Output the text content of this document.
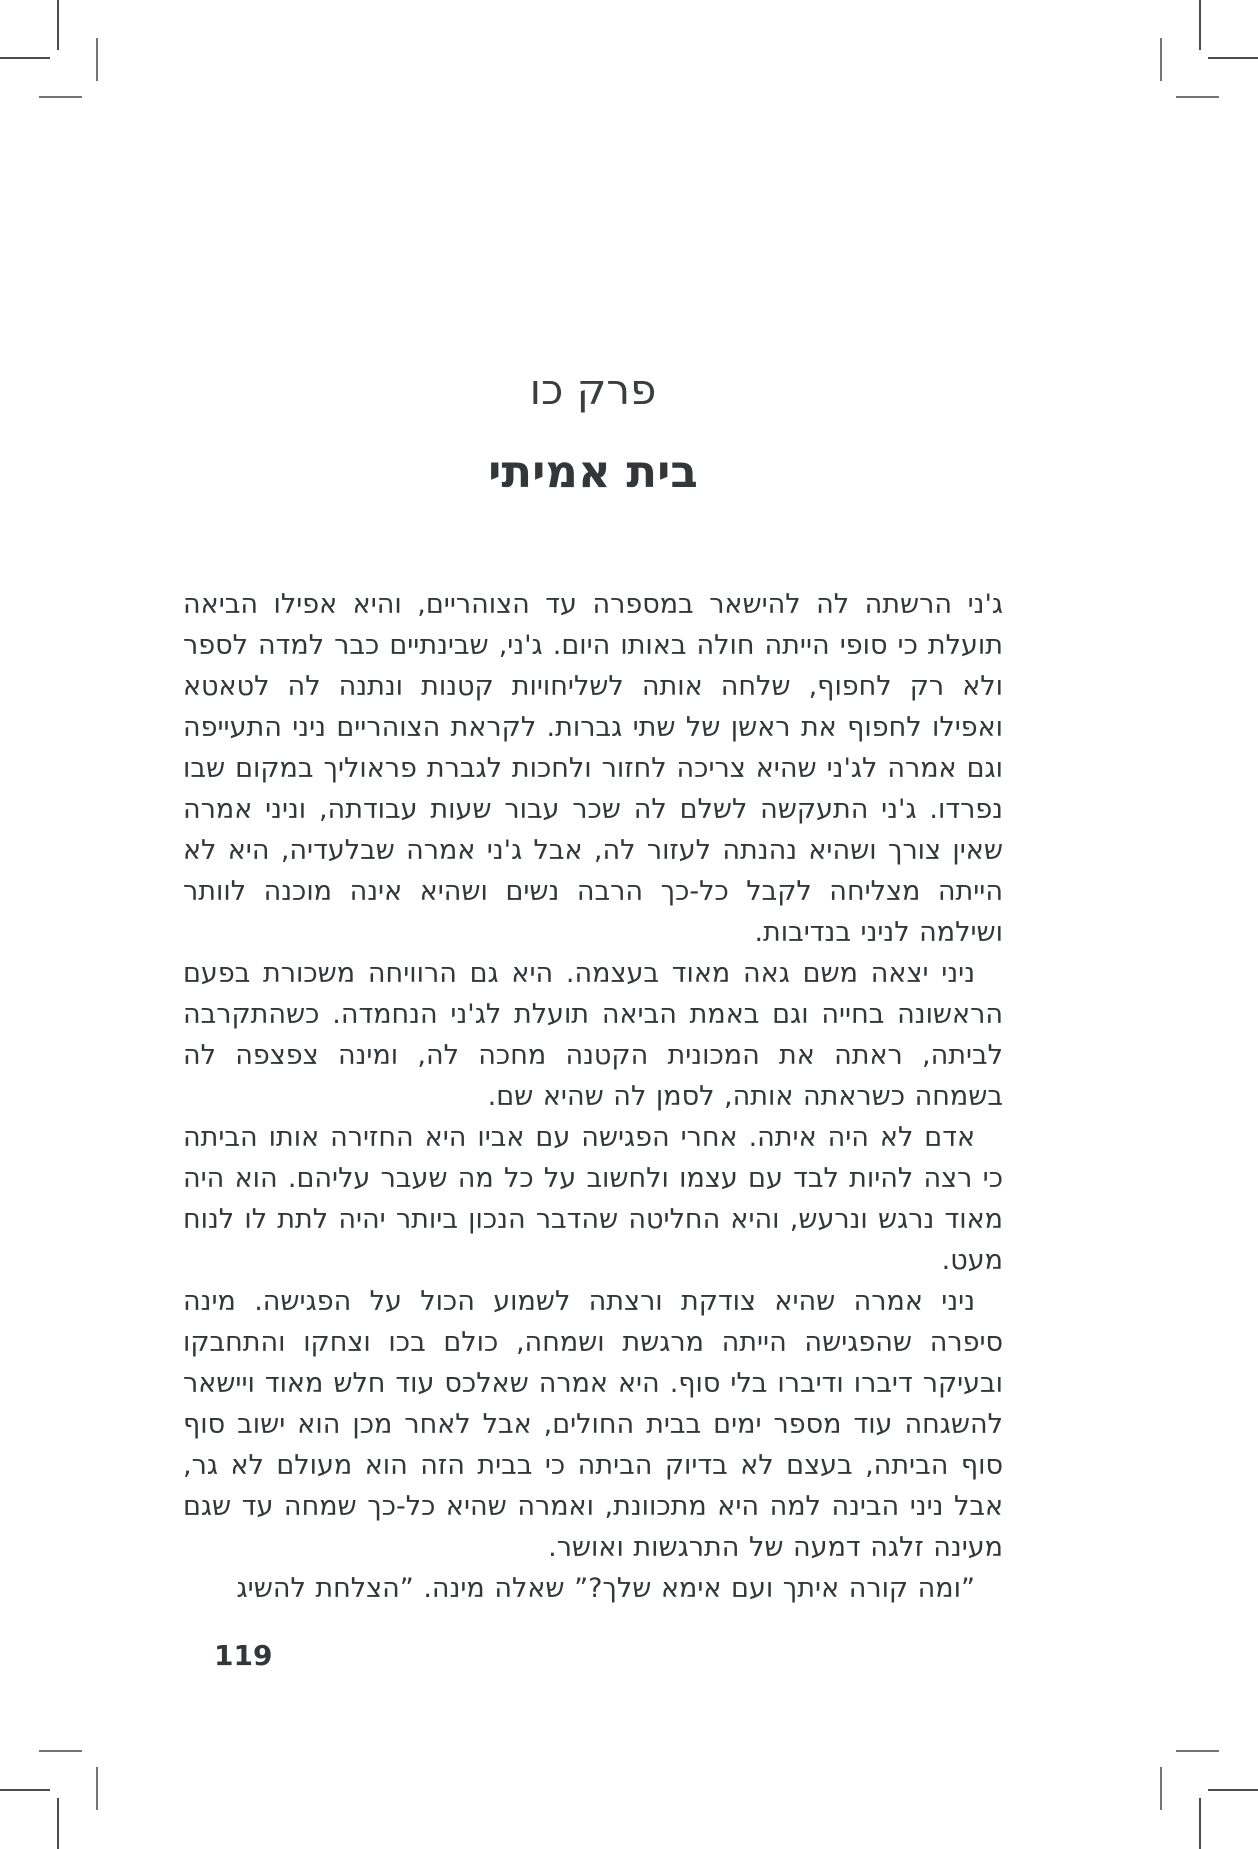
פרק כו
בית אמיתי

ג'ני הרשתה לה להישאר במספרה עד הצוהריים, והיא אפילו הביאה תועלת כי סופי הייתה חולה באותו היום. ג'ני, שבינתיים כבר למדה לספר ולא רק לחפוף, שלחה אותה לשליחויות קטנות ונתנה לה לטאטא ואפילו לחפוף את ראשן של שתי גברות. לקראת הצוהריים ניני התעייפה וגם אמרה לג'ני שהיא צריכה לחזור ולחכות לגברת פראוליך במקום שבו נפרדו. ג'ני התעקשה לשלם לה שכר עבור שעות עבודתה, וניני אמרה שאין צורך ושהיא נהנתה לעזור לה, אבל ג'ני אמרה שבלעדיה, היא לא הייתה מצליחה לקבל כל-כך הרבה נשים ושהיא אינה מוכנה לוותר ושילמה לניני בנדיבות.

ניני יצאה משם גאה מאוד בעצמה. היא גם הרוויחה משכורת בפעם הראשונה בחייה וגם באמת הביאה תועלת לג'ני הנחמדה. כשהתקרבה לביתה, ראתה את המכונית הקטנה מחכה לה, ומינה צפצפה לה בשמחה כשראתה אותה, לסמן לה שהיא שם.

אדם לא היה איתה. אחרי הפגישה עם אביו היא החזירה אותו הביתה כי רצה להיות לבד עם עצמו ולחשוב על כל מה שעבר עליהם. הוא היה מאוד נרגש ונרעש, והיא החליטה שהדבר הנכון ביותר יהיה לתת לו לנוח מעט.

ניני אמרה שהיא צודקת ורצתה לשמוע הכול על הפגישה. מינה סיפרה שהפגישה הייתה מרגשת ושמחה, כולם בכו וצחקו והתחבקו ובעיקר דיברו ודיברו בלי סוף. היא אמרה שאלכס עוד חלש מאוד ויישאר להשגחה עוד מספר ימים בבית החולים, אבל לאחר מכן הוא ישוב סוף סוף הביתה, בעצם לא בדיוק הביתה כי בבית הזה הוא מעולם לא גר, אבל ניני הבינה למה היא מתכוונת, ואמרה שהיא כל-כך שמחה עד שגם מעינה זלגה דמעה של התרגשות ואושר.

”ומה קורה איתך ועם אימא שלך?” שאלה מינה. ”הצלחת להשיג

119
